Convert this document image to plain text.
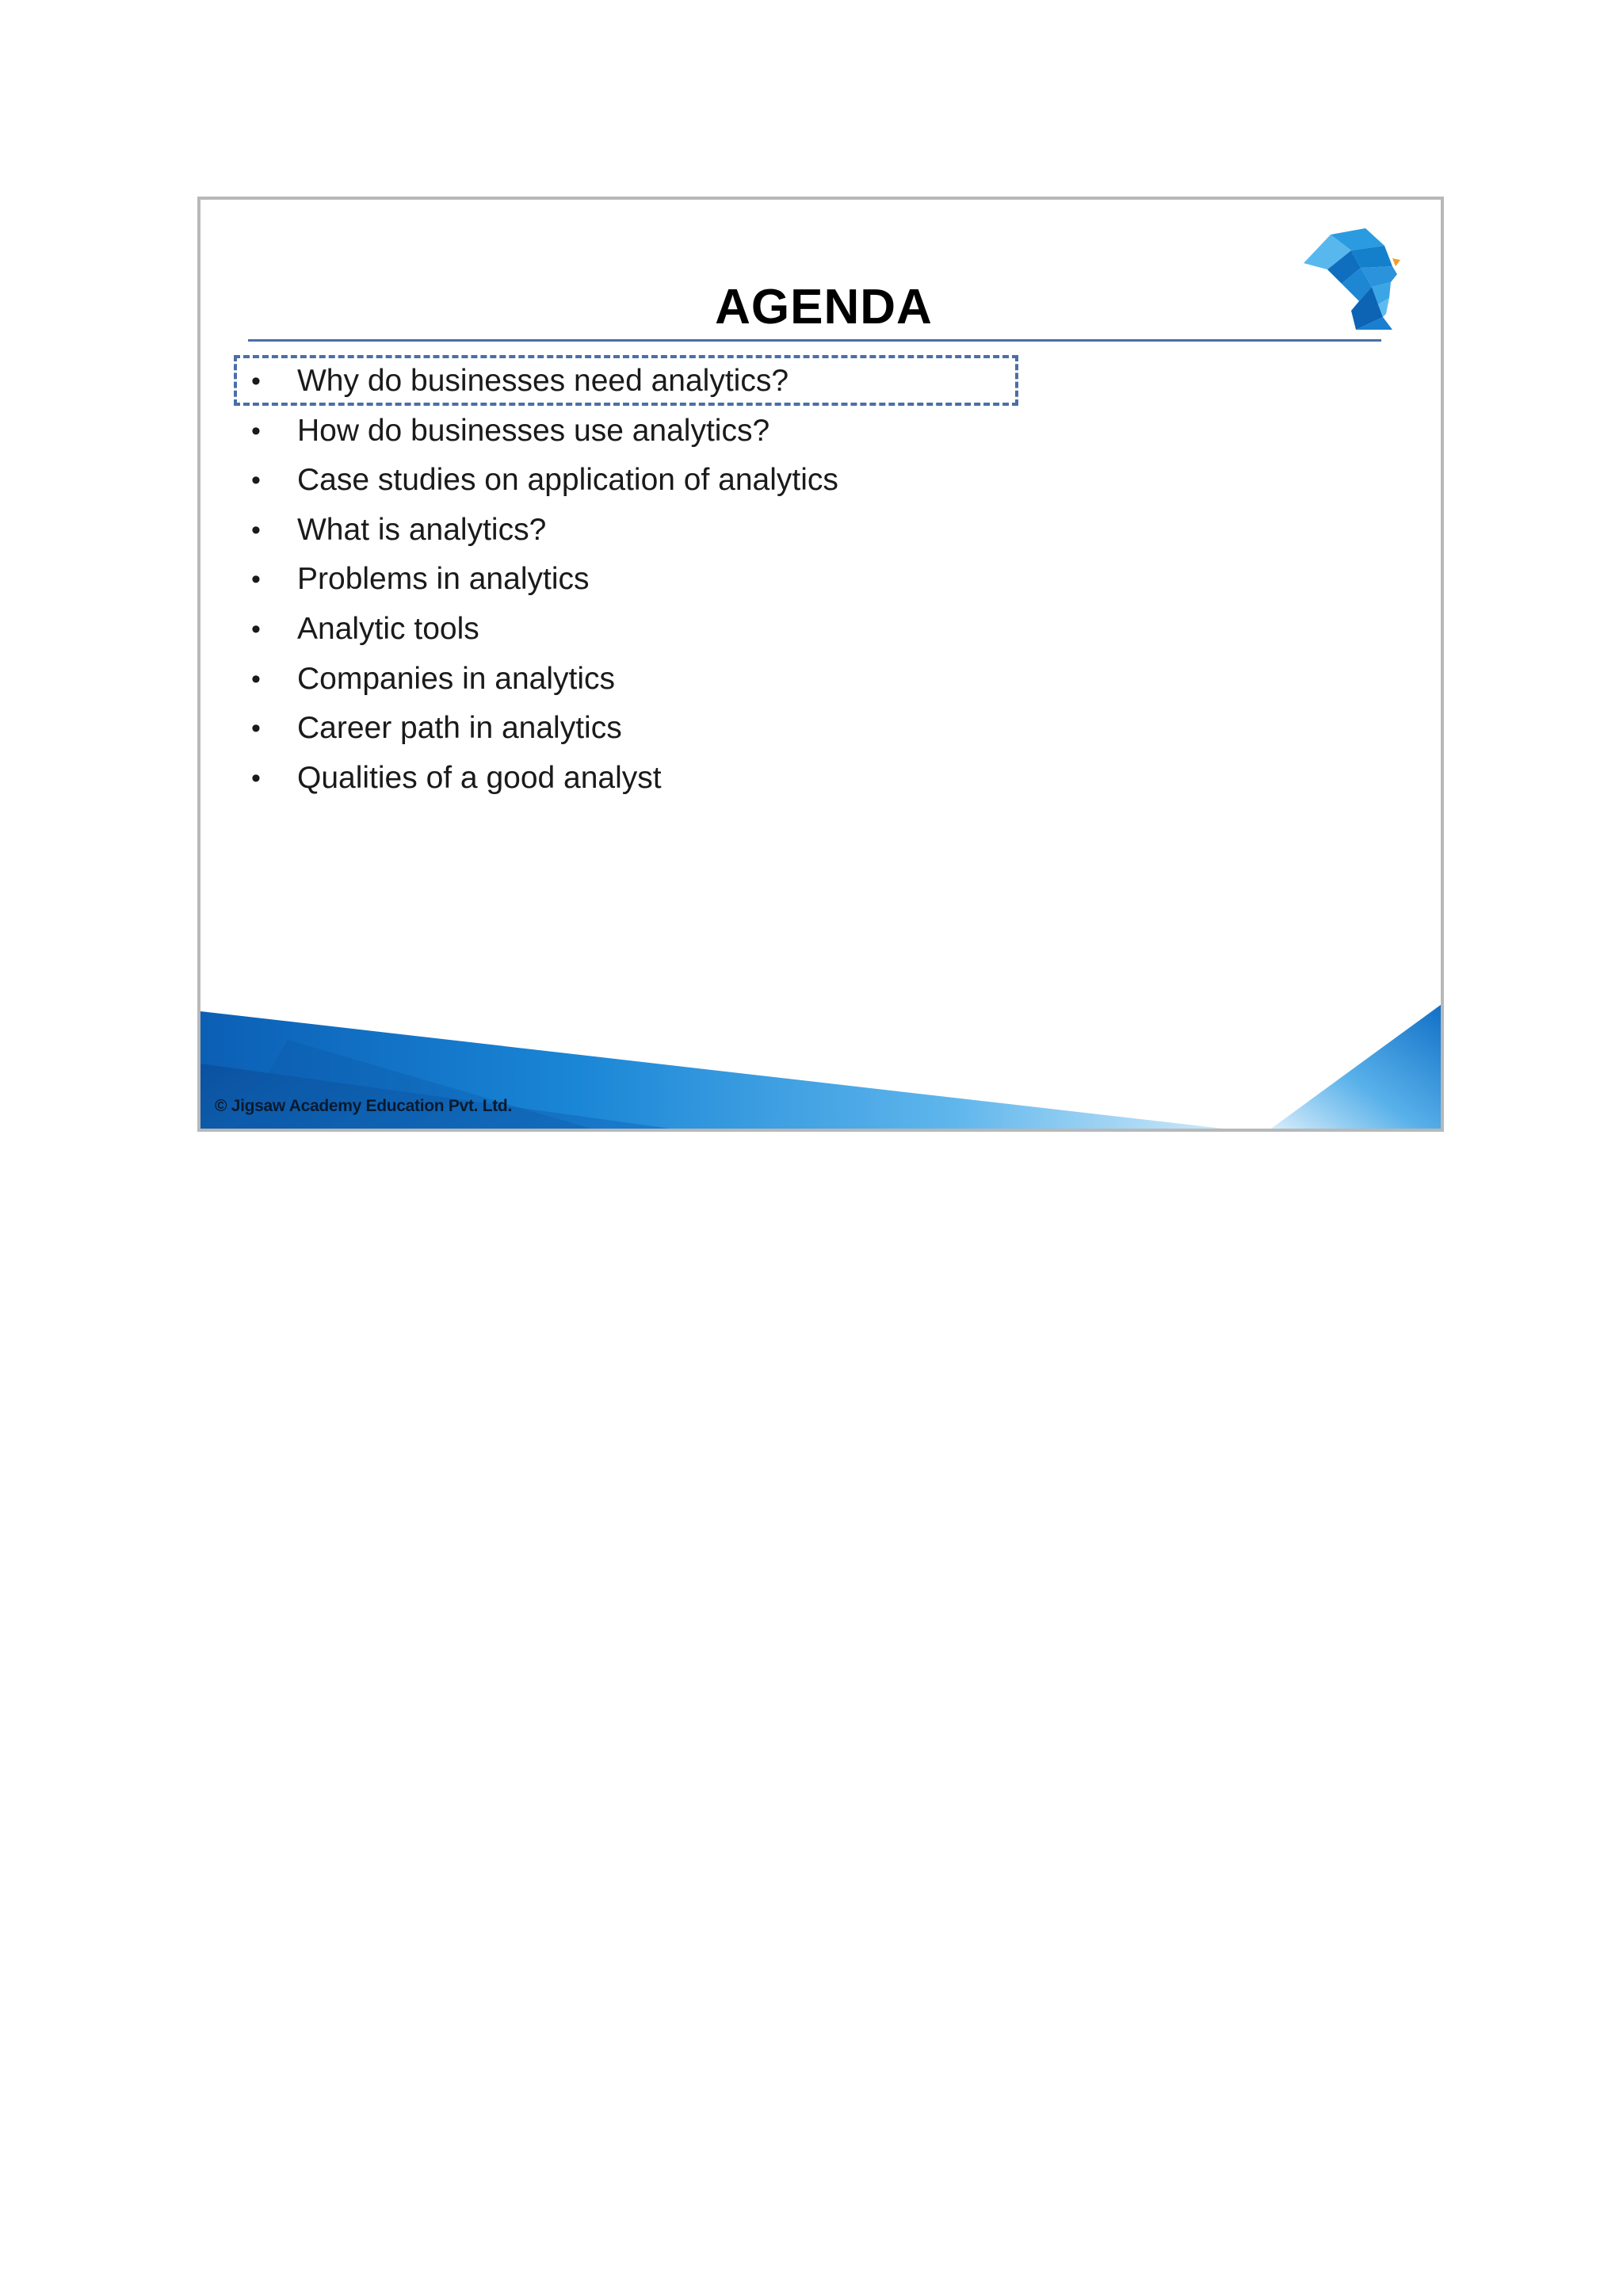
AGENDA
• Why do businesses need analytics?
• How do businesses use analytics?
• Case studies on application of analytics
• What is analytics?
• Problems in analytics
• Analytic tools
• Companies in analytics
• Career path in analytics
• Qualities of a good analyst
© Jigsaw Academy Education Pvt. Ltd.
